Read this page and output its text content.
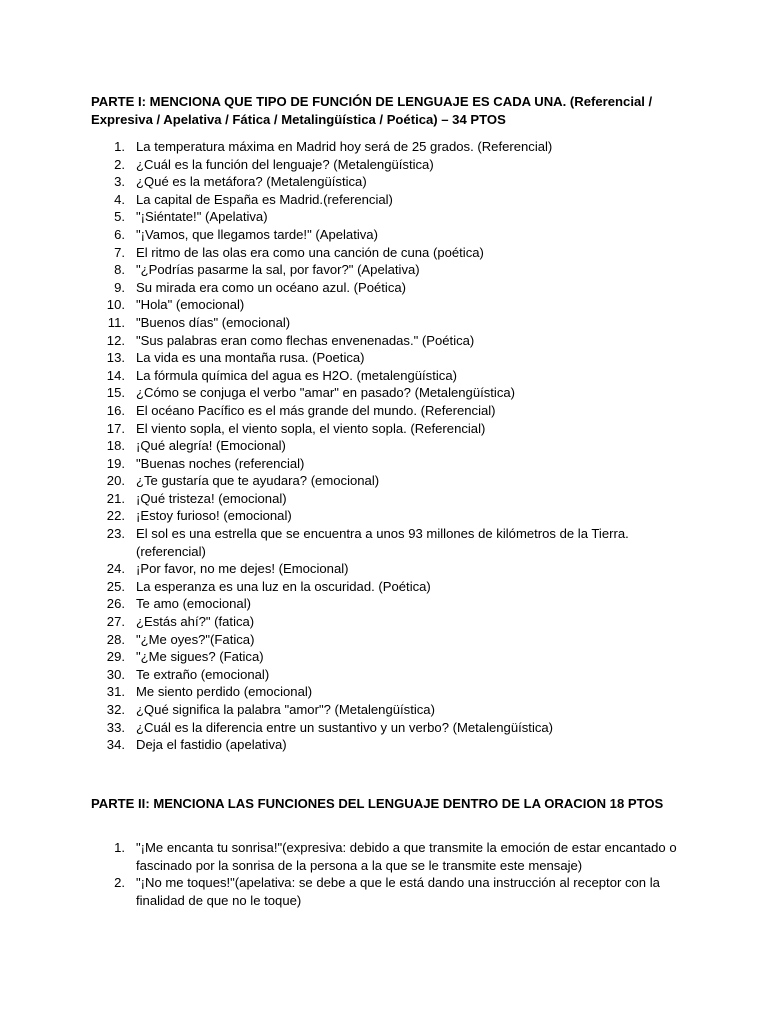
PARTE I: MENCIONA QUE TIPO DE FUNCIÓN DE LENGUAJE ES CADA UNA. (Referencial / Expresiva / Apelativa / Fática / Metalingüística / Poética) – 34 PTOS
1. La temperatura máxima en Madrid hoy será de 25 grados. (Referencial)
2. ¿Cuál es la función del lenguaje? (Metalengüística)
3. ¿Qué es la metáfora? (Metalengüística)
4. La capital de España es Madrid.(referencial)
5. "¡Siéntate!" (Apelativa)
6. "¡Vamos, que llegamos tarde!" (Apelativa)
7. El ritmo de las olas era como una canción de cuna (poética)
8. "¿Podrías pasarme la sal, por favor?" (Apelativa)
9. Su mirada era como un océano azul. (Poética)
10. "Hola" (emocional)
11. "Buenos días" (emocional)
12. "Sus palabras eran como flechas envenenadas." (Poética)
13. La vida es una montaña rusa. (Poetica)
14. La fórmula química del agua es H2O. (metalengüística)
15. ¿Cómo se conjuga el verbo "amar" en pasado? (Metalengüística)
16. El océano Pacífico es el más grande del mundo. (Referencial)
17. El viento sopla, el viento sopla, el viento sopla. (Referencial)
18. ¡Qué alegría! (Emocional)
19. "Buenas noches (referencial)
20. ¿Te gustaría que te ayudara? (emocional)
21. ¡Qué tristeza! (emocional)
22. ¡Estoy furioso! (emocional)
23. El sol es una estrella que se encuentra a unos 93 millones de kilómetros de la Tierra. (referencial)
24. ¡Por favor, no me dejes! (Emocional)
25. La esperanza es una luz en la oscuridad. (Poética)
26. Te amo (emocional)
27. ¿Estás ahí?" (fatica)
28. "¿Me oyes?"(Fatica)
29. "¿Me sigues? (Fatica)
30. Te extraño (emocional)
31. Me siento perdido (emocional)
32. ¿Qué significa la palabra "amor"? (Metalengüística)
33. ¿Cuál es la diferencia entre un sustantivo y un verbo? (Metalengüística)
34. Deja el fastidio (apelativa)
PARTE II: MENCIONA LAS FUNCIONES DEL LENGUAJE DENTRO DE LA ORACION 18 PTOS
1. "¡Me encanta tu sonrisa!"(expresiva: debido a que transmite la emoción de estar encantado o fascinado por la sonrisa de la persona a la que se le transmite este mensaje)
2. "¡No me toques!"(apelativa: se debe a que le está dando una instrucción al receptor con la finalidad de que no le toque)
